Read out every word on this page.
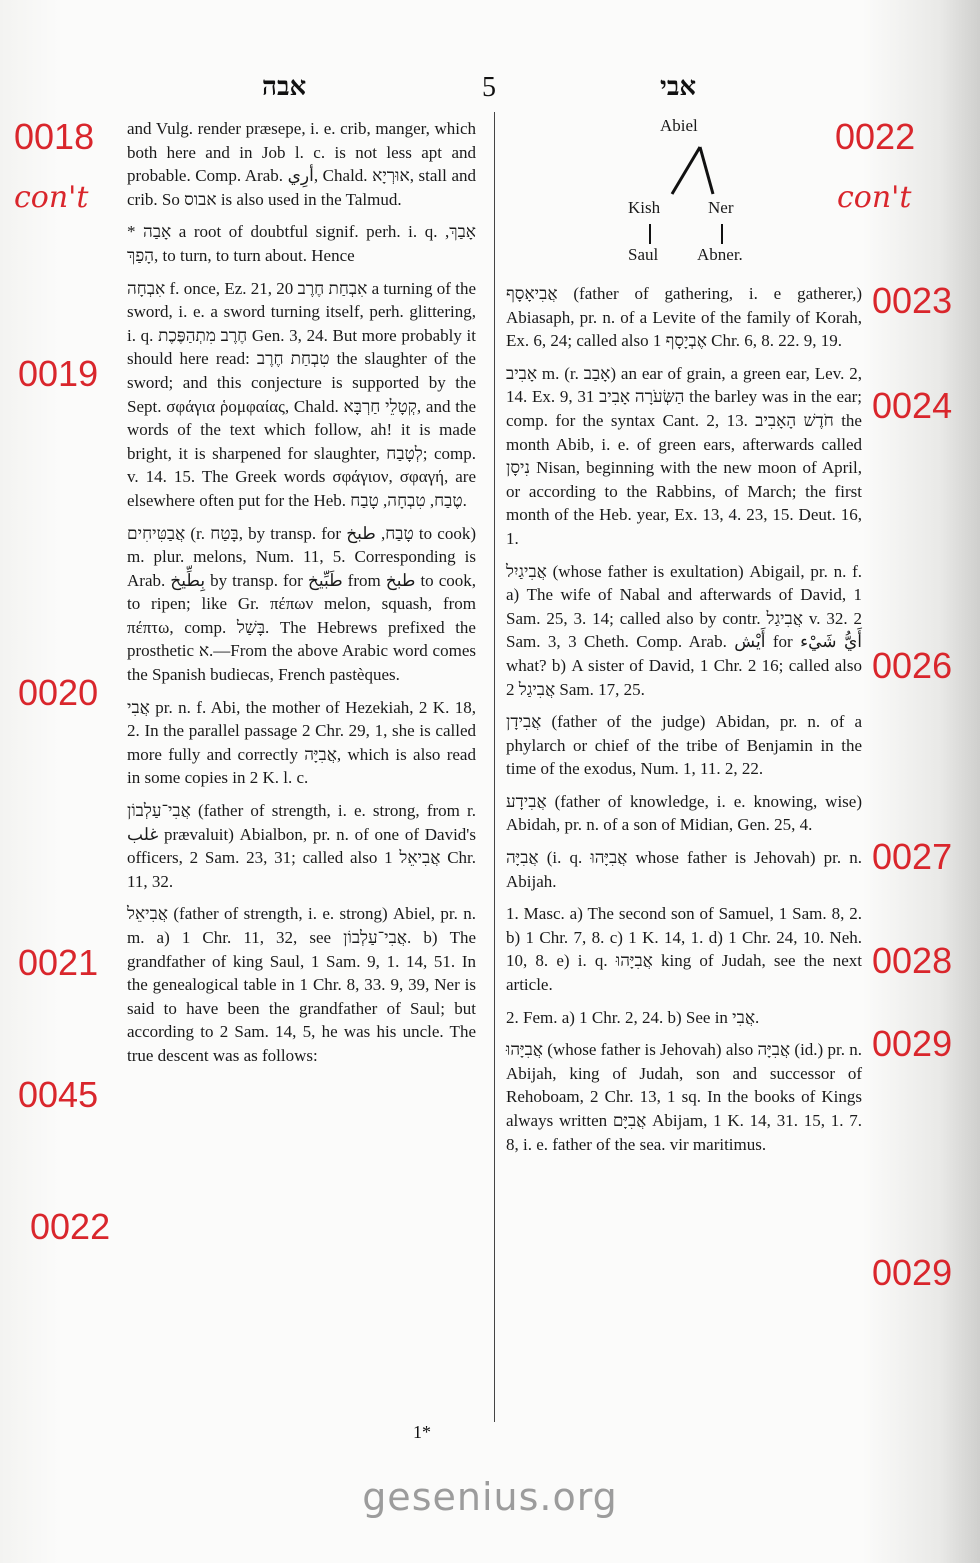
אבה	5	אבי
0018
con't
0019
0020
0021
0045
0022
0022
con't
0023
0024
0026
0027
0028
0029
0029
Abiel
Kish	Ner
Saul Abner.

and Vulg. render præsepe, i. e. crib, manger, which both here and in Job l. c. is not less apt and probable. Comp. Arab. أرِي, Chald. אוּרְיָא, stall and crib. So אבוס is also used in the Talmud.

* אָבַה a root of doubtful signif. perh. i. q. אָבַךְ, הָפַךְ, to turn, to turn about. Hence

אִבְחָה f. once, Ez. 21, 20 אִבְחַת חֶרֶב a turning of the sword, i. e. a sword turning itself, perh. glittering, i. q. חֶרֶב מִתְהַפֶּכֶת Gen. 3, 24. But more probably it should here read: טִבְחַת חֶרֶב the slaughter of the sword; and this conjecture is supported by the Sept. σφάγια ῥομφαίας, Chald. קְטָלֵי חַרְבָּא, and the words of the text which follow, ah! it is made bright, it is sharpened for slaughter, לְטָבַח; comp. v. 14. 15. The Greek words σφάγιον, σφαγή, are elsewhere often put for the Heb. טֶבַח, טִבְחָה, טָבַח.

אֲבַטִּיחִים (r. בָּטַח, by transp. for טָבַח, طبخ to cook) m. plur. melons, Num. 11, 5. Corresponding is Arab. بِطِّيخ by transp. for طَبِّيخ from طبخ to cook, to ripen; like Gr. πέπων melon, squash, from πέπτω, comp. בָּשַׁל. The Hebrews prefixed the prosthetic א.—From the above Arabic word comes the Spanish budiecas, French pastèques.

אֲבִי pr. n. f. Abi, the mother of Hezekiah, 2 K. 18, 2. In the parallel passage 2 Chr. 29, 1, she is called more fully and correctly אֲבִיָּה, which is also read in some copies in 2 K. l. c.

אֲבִי־עַלְבוֹן (father of strength, i. e. strong, from r. غلب prævaluit) Abialbon, pr. n. of one of David's officers, 2 Sam. 23, 31; called also אֲבִיאֵל 1 Chr. 11, 32.

אֲבִיאֵל (father of strength, i. e. strong) Abiel, pr. n. m. a) 1 Chr. 11, 32, see אֲבִי־עַלְבוֹן. b) The grandfather of king Saul, 1 Sam. 9, 1. 14, 51. In the genealogical table in 1 Chr. 8, 33. 9, 39, Ner is said to have been the grandfather of Saul; but according to 2 Sam. 14, 5, he was his uncle. The true descent was as follows:

אֲבִיאָסָף (father of gathering, i. e gatherer,) Abiasaph, pr. n. of a Levite of the family of Korah, Ex. 6, 24; called also אֶבְיָסָף 1 Chr. 6, 8. 22. 9, 19.

אָבִיב m. (r. אָבַב) an ear of grain, a green ear, Lev. 2, 14. Ex. 9, 31 הַשְּׂעֹרָה אָבִיב the barley was in the ear; comp. for the syntax Cant. 2, 13. חֹדֶשׁ הָאָבִיב the month Abib, i. e. of green ears, afterwards called נִיסָן Nisan, beginning with the new moon of April, or according to the Rabbins, of March; the first month of the Heb. year, Ex. 13, 4. 23, 15. Deut. 16, 1.

אֲבִיגַיִל (whose father is exultation) Abigail, pr. n. f. a) The wife of Nabal and afterwards of David, 1 Sam. 25, 3. 14; called also by contr. אֲבִיגַל v. 32. 2 Sam. 3, 3 Cheth. Comp. Arab. أَيْش for أَيُّ شَيْء what? b) A sister of David, 1 Chr. 2 16; called also אֲבִיגַל 2 Sam. 17, 25.

אֲבִידָן (father of the judge) Abidan, pr. n. of a phylarch or chief of the tribe of Benjamin in the time of the exodus, Num. 1, 11. 2, 22.

אֲבִידָע (father of knowledge, i. e. knowing, wise) Abidah, pr. n. of a son of Midian, Gen. 25, 4.

אֲבִיָּה (i. q. אֲבִיָּהוּ whose father is Jehovah) pr. n. Abijah.

1. Masc. a) The second son of Samuel, 1 Sam. 8, 2. b) 1 Chr. 7, 8. c) 1 K. 14, 1. d) 1 Chr. 24, 10. Neh. 10, 8. e) i. q. אֲבִיָּהוּ king of Judah, see the next article.

2. Fem. a) 1 Chr. 2, 24. b) See in אֲבִי.

אֲבִיָּהוּ (whose father is Jehovah) also אֲבִיָּה (id.) pr. n. Abijah, king of Judah, son and successor of Rehoboam, 2 Chr. 13, 1 sq. In the books of Kings always written אֲבִיָּם Abijam, 1 K. 14, 31. 15, 1. 7. 8, i. e. father of the sea. vir maritimus.

1*
gesenius.org
